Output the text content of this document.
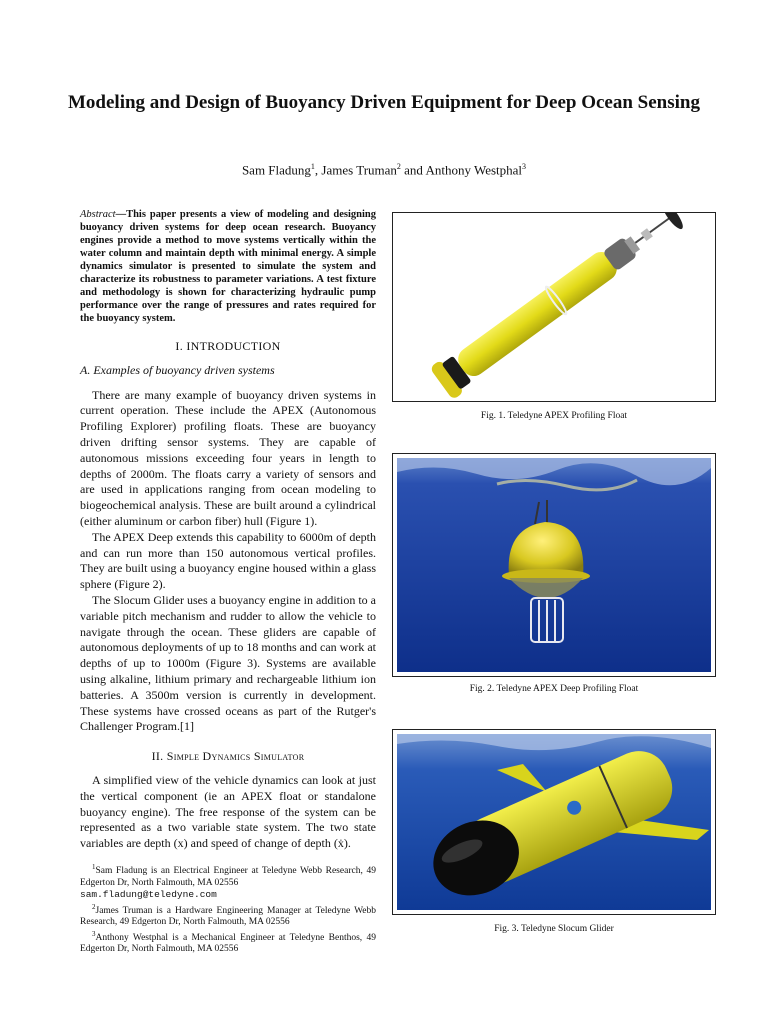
Modeling and Design of Buoyancy Driven Equipment for Deep Ocean Sensing
Sam Fladung$^1$, James Truman$^2$ and Anthony Westphal$^3$

Abstract—This paper presents a view of modeling and designing buoyancy driven systems for deep ocean research. Buoyancy engines provide a method to move systems vertically within the water column and maintain depth with minimal energy. A simple dynamics simulator is presented to simulate the system and characterize its robustness to parameter variations. A test fixture and methodology is shown for characterizing hydraulic pump performance over the range of pressures and rates required for the buoyancy system.

I. INTRODUCTION
A. Examples of buoyancy driven systems

There are many example of buoyancy driven systems in current operation. These include the APEX (Autonomous Profiling Explorer) profiling floats. These are buoyancy driven drifting sensor systems. They are capable of autonomous missions exceeding four years in length to depths of 2000m. The floats carry a variety of sensors and are used in applications ranging from ocean modeling to biogeochemical analysis. These are built around a cylindrical (either aluminum or carbon fiber) hull (Figure 1).

The APEX Deep extends this capability to 6000m of depth and can run more than 150 autonomous vertical profiles. They are built using a buoyancy engine housed within a glass sphere (Figure 2).

The Slocum Glider uses a buoyancy engine in addition to a variable pitch mechanism and rudder to allow the vehicle to navigate through the ocean. These gliders are capable of autonomous deployments of up to 18 months and can work at depths of up to 1000m (Figure 3). Systems are available using alkaline, lithium primary and rechargeable lithium ion batteries. A 3500m version is currently in development. These systems have crossed oceans as part of the Rutger's Challenger Program.[1]

II. Simple Dynamics Simulator

A simplified view of the vehicle dynamics can look at just the vertical component (ie an APEX float or standalone buoyancy engine). The free response of the system can be represented as a two variable state system. The two state variables are depth (x) and speed of change of depth (ẋ).

$^1$Sam Fladung is an Electrical Engineer at Teledyne Webb Research, 49 Edgerton Dr, North Falmouth, MA 02556
sam.fladung@teledyne.com

$^2$James Truman is a Hardware Engineering Manager at Teledyne Webb Research, 49 Edgerton Dr, North Falmouth, MA 02556

$^3$Anthony Westphal is a Mechanical Engineer at Teledyne Benthos, 49 Edgerton Dr, North Falmouth, MA 02556

Fig. 1. Teledyne APEX Profiling Float
Fig. 2. Teledyne APEX Deep Profiling Float
Fig. 3. Teledyne Slocum Glider
